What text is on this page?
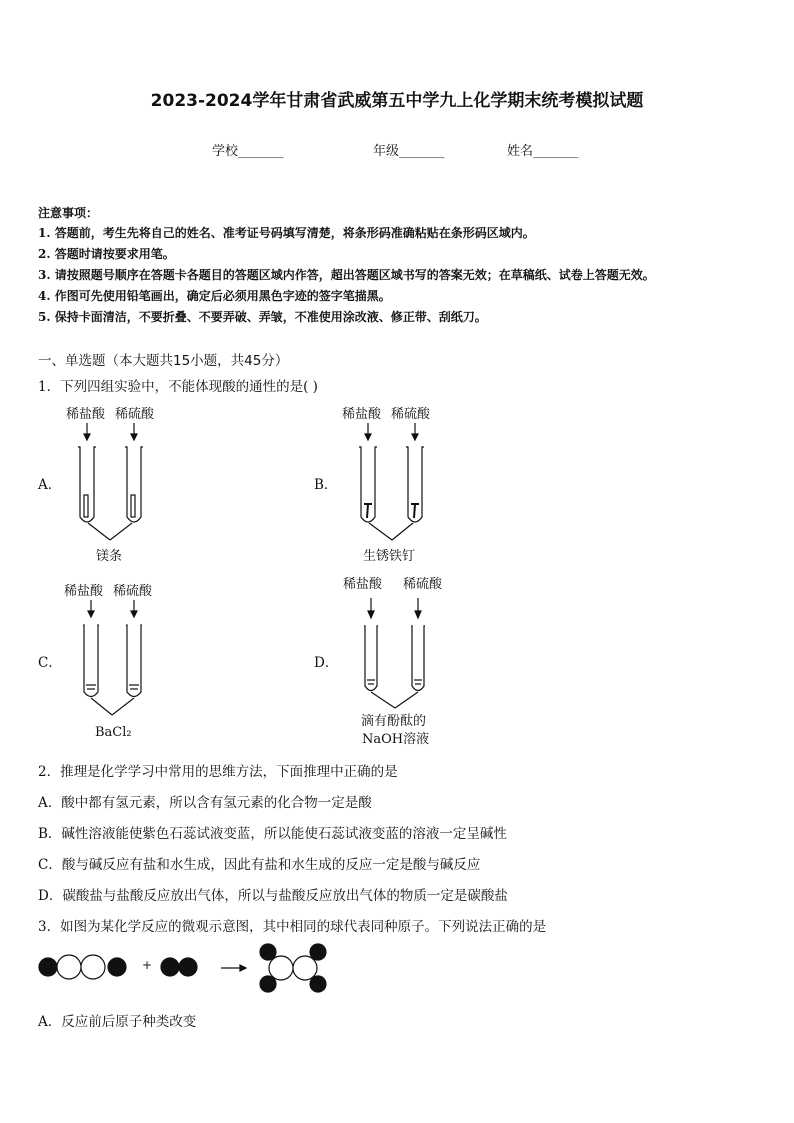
2023-2024学年甘肃省武威第五中学九上化学期末统考模拟试题
学校_______	年级_______	姓名_______
注意事项：
1. 答题前，考生先将自己的姓名、准考证号码填写清楚，将条形码准确粘贴在条形码区域内。
2. 答题时请按要求用笔。
3. 请按照题号顺序在答题卡各题目的答题区域内作答，超出答题区域书写的答案无效；在草稿纸、试卷上答题无效。
4. 作图可先使用铅笔画出，确定后必须用黑色字迹的签字笔描黑。
5. 保持卡面清洁，不要折叠、不要弄破、弄皱，不准使用涂改液、修正带、刮纸刀。
一、单选题（本大题共15小题，共45分）
1．下列四组实验中，不能体现酸的通性的是( )
A．
稀盐酸 稀硫酸
镁条
B．
稀盐酸 稀硫酸
生锈铁钉
C．
稀盐酸 稀硫酸
BaCl₂
D．
稀盐酸 稀硫酸
滴有酚酞的
NaOH溶液
2．推理是化学学习中常用的思维方法，下面推理中正确的是
A．酸中都有氢元素，所以含有氢元素的化合物一定是酸
B．碱性溶液能使紫色石蕊试液变蓝，所以能使石蕊试液变蓝的溶液一定呈碱性
C．酸与碱反应有盐和水生成，因此有盐和水生成的反应一定是酸与碱反应
D．碳酸盐与盐酸反应放出气体，所以与盐酸反应放出气体的物质一定是碳酸盐
3．如图为某化学反应的微观示意图，其中相同的球代表同种原子。下列说法正确的是
+
A．反应前后原子种类改变
